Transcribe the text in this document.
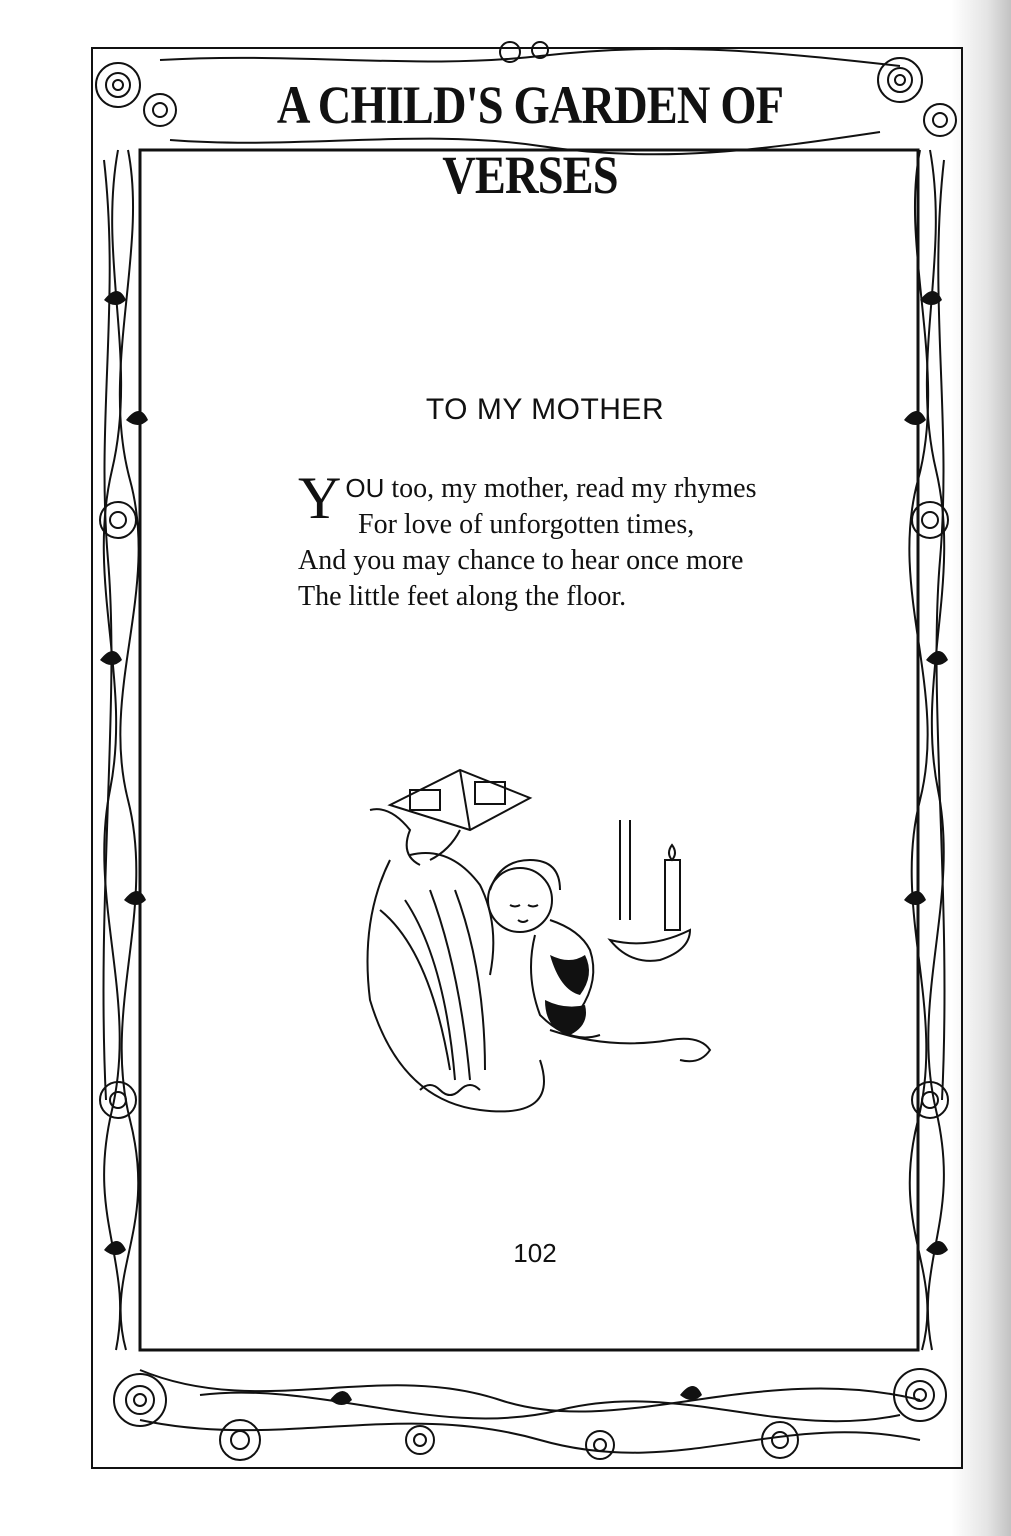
A CHILD'S GARDEN OF VERSES
TO MY MOTHER
YOU too, my mother, read my rhymes
For love of unforgotten times,
And you may chance to hear once more
The little feet along the floor.
102
